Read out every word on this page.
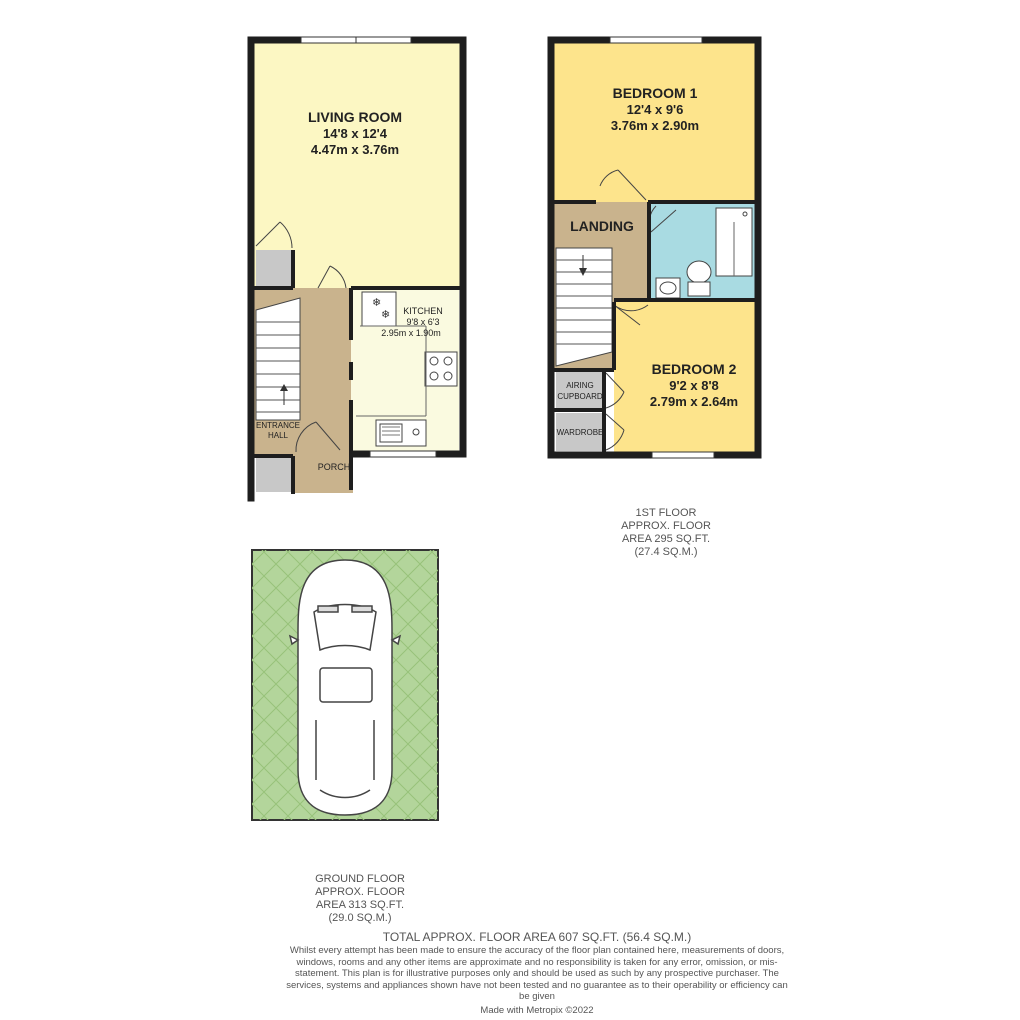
❄
❄
LIVING ROOM
14'8 x 12'4
4.47m x 3.76m
KITCHEN
9'8 x 6'3
2.95m x 1.90m
ENTRANCE
HALL
PORCH
BEDROOM 1
12'4 x 9'6
3.76m x 2.90m
LANDING
BEDROOM 2
9'2 x 8'8
2.79m x 2.64m
AIRING
CUPBOARD
WARDROBE
1ST FLOOR
APPROX. FLOOR
AREA 295 SQ.FT.
(27.4 SQ.M.)
GROUND FLOOR
APPROX. FLOOR
AREA 313 SQ.FT.
(29.0 SQ.M.)
TOTAL APPROX. FLOOR AREA 607 SQ.FT. (56.4 SQ.M.)
Whilst every attempt has been made to ensure the accuracy of the floor plan contained here, measurements of doors, windows, rooms and any other items are approximate and no responsibility is taken for any error, omission, or mis-statement. This plan is for illustrative purposes only and should be used as such by any prospective purchaser. The services, systems and appliances shown have not been tested and no guarantee as to their operability or efficiency can be given
Made with Metropix ©2022
